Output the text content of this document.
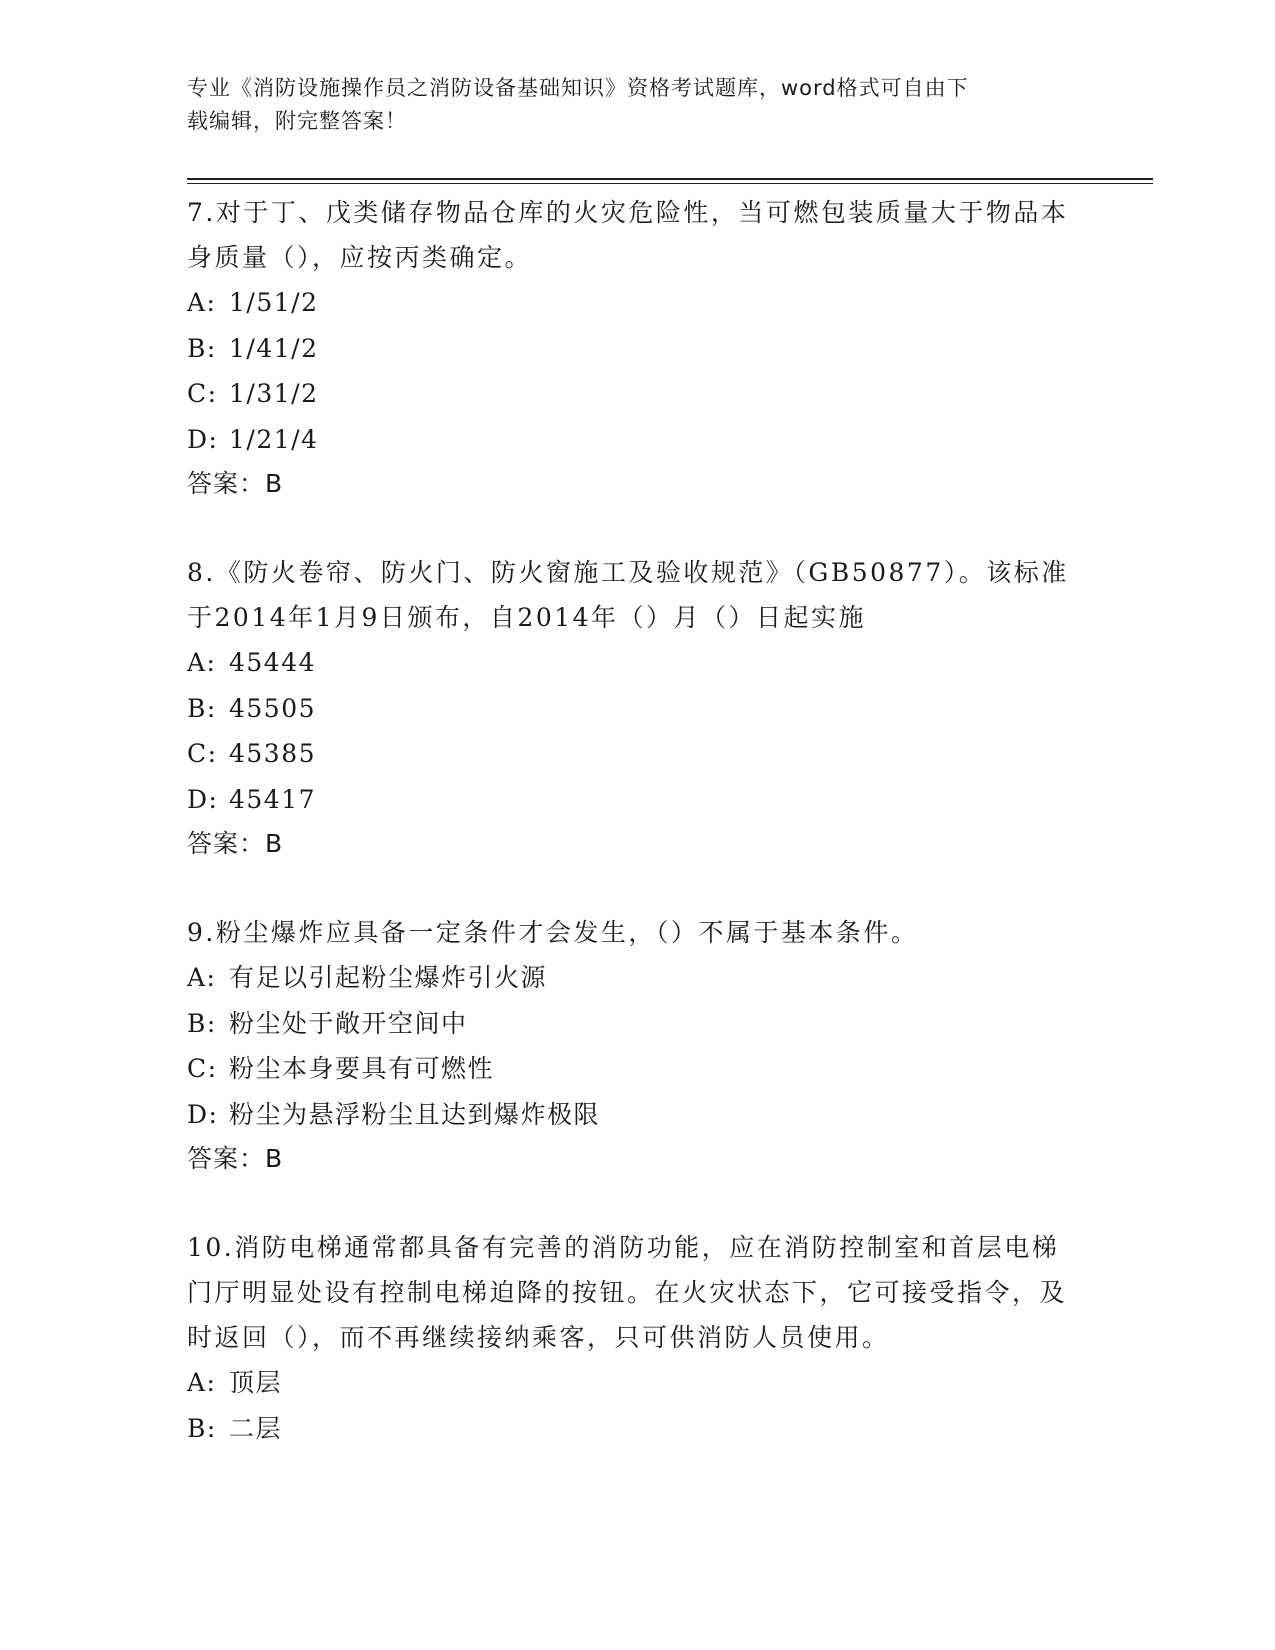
专业《消防设施操作员之消防设备基础知识》资格考试题库，word格式可自由下
载编辑，附完整答案！

7.对于丁、戊类储存物品仓库的火灾危险性，当可燃包装质量大于物品本身质量（），应按丙类确定。

A: 1/51/2

B: 1/41/2

C: 1/31/2

D: 1/21/4

答案：B

8.《防火卷帘、防火门、防火窗施工及验收规范》（GB50877）。该标准于2014年1月9日颁布，自2014年（）月（）日起实施

A: 45444

B: 45505

C: 45385

D: 45417

答案：B

9.粉尘爆炸应具备一定条件才会发生，（）不属于基本条件。

A: 有足以引起粉尘爆炸引火源

B: 粉尘处于敞开空间中

C: 粉尘本身要具有可燃性

D: 粉尘为悬浮粉尘且达到爆炸极限

答案：B

10.消防电梯通常都具备有完善的消防功能，应在消防控制室和首层电梯门厅明显处设有控制电梯迫降的按钮。在火灾状态下，它可接受指令，及时返回（），而不再继续接纳乘客，只可供消防人员使用。

A: 顶层

B: 二层
